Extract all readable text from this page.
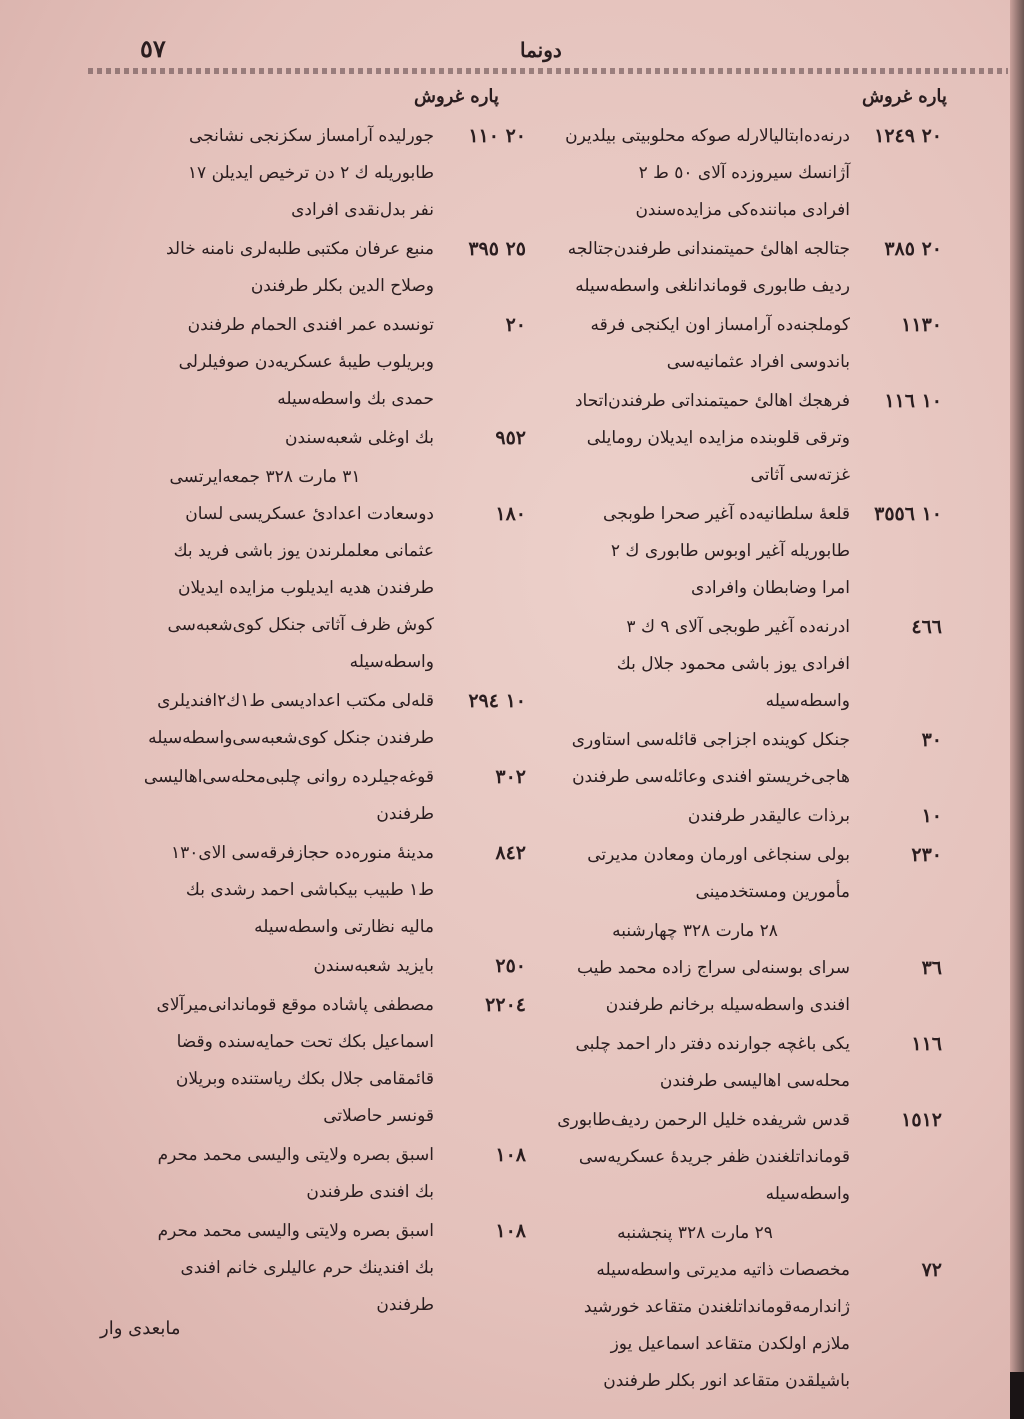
٥٧	دونما
پاره غروش
پاره غروش
٢٠ ١٢٤٩
درنه‌ده‌ابتالیالارله صوکه‌ محلوبیتی بیلدیرن
آژانسك سیروزده آلای ٥٠ ط ٢
افرادی مباننده‌کی مزایده‌سندن
٢٠ ٣٨٥
جتالجه اهالیٔ حمیتمندانی طرفندن‌جتالجه
ردیف طابوری قوماندانلغی واسطه‌سیله
١١٣٠
کوملجنه‌ده آرامساز اون ایکنجی فرقه
باندوسی افراد عثمانیه‌سی
١٠ ١١٦
فرهجك اهالیٔ حمیتمنداتی طرفندن‌اتحاد
وترقی قلوبنده مزایده ایدیلان رومایلی
غزته‌سی آثاتی
١٠ ٣٥٥٦
قلعهٔ سلطانیه‌ده آغیر صحرا طوبجی
طابوریله آغیر اوبوس طابوری ك ٢
امرا وضابطان وافرادی
٤٦٦
ادرنه‌ده آغیر طوبجی آلای ٩ ك ٣
افرادی یوز باشی محمود جلال بك
واسطه‌سیله
٣٠
جنکل کوینده اجزاجی قائله‌سی استاوری
هاجی‌خریستو افندی وعائله‌سی طرفندن
١٠
برذات عالیقدر طرفندن
٢٣٠
بولی سنجاغی اورمان ومعادن مدیرتی
مأمورین ومستخدمینی
٢٨ مارت ٣٢٨ چهارشنبه
٣٦
سرای بوسنه‌لی سراج زاده محمد طیب
افندی واسطه‌سیله برخانم طرفندن
١١٦
یکی باغچه جوارنده دفتر دار احمد چلبی
محله‌سی اهالیسی طرفندن
١٥١٢
قدس شریفده خلیل الرحمن ردیف‌طابوری
قومانداتلغندن ظفر جریدهٔ عسکریه‌سی
واسطه‌سیله
٢٩ مارت ٣٢٨ پنجشنبه
٧٢
مخصصات ذاتیه مدیرتی واسطه‌سیله
ژاندارمه‌قومانداتلغندن متقاعد خورشید
ملازم اولکدن متقاعد اسماعیل یوز
باشیلقدن متقاعد انور بکلر طرفندن
٢٠ ١١٠
جورلیده آرامساز سکزنجی نشانجی
طابوریله ك ٢ دن ترخیص ایدیلن ١٧
نفر بدل‌نقدی افرادی
٢٥ ٣٩٥
منبع عرفان مکتبی طلبه‌لری نامنه خالد
وصلاح الدین بکلر طرفندن
٢٠
تونسده عمر افندی الحمام طرفندن
وبریلوب طیبهٔ عسکریه‌دن صوفیلرلی
حمدی بك واسطه‌سیله
٩٥٢
بك اوغلی شعبه‌سندن
٣١ مارت ٣٢٨ جمعه‌ایرتسی
١٨٠
دوسعادت اعدادیٔ عسکریسی لسان
عثمانی معلملرندن یوز باشی فرید بك
طرفندن هدیه ایدیلوب مزایده ایدیلان
کوش ظرف آثاتی جنکل کوی‌شعبه‌سی
واسطه‌سیله
١٠ ٢٩٤
قله‌لی مکتب اعدادیسی ط١ك٢افندیلری
طرفندن جنکل کوی‌شعبه‌سی‌واسطه‌سیله
٣٠٢
قوغه‌جیلرده روانی چلبی‌محله‌سی‌اهالیسی
طرفندن
٨٤٢
مدینهٔ منوره‌ده حجازفرقه‌سی الای١٣٠
ط١ طبیب بیکباشی احمد رشدی بك
مالیه نظارتی واسطه‌سیله
٢٥٠
بایزید شعبه‌سندن
٢٢٠٤
مصطفی پاشاده موقع قوماندانی‌میرآلای
اسماعیل بکك تحت حمایه‌سنده وقضا
قائمقامی جلال بکك ریاستنده وبریلان
قونسر حاصلاتی
١٠٨
اسبق بصره ولایتی والیسی محمد محرم
بك افندی طرفندن
١٠٨
اسبق بصره ولایتی والیسی محمد محرم
بك افندینك حرم عالیلری خانم افندی
طرفندن
مابعدی وار
